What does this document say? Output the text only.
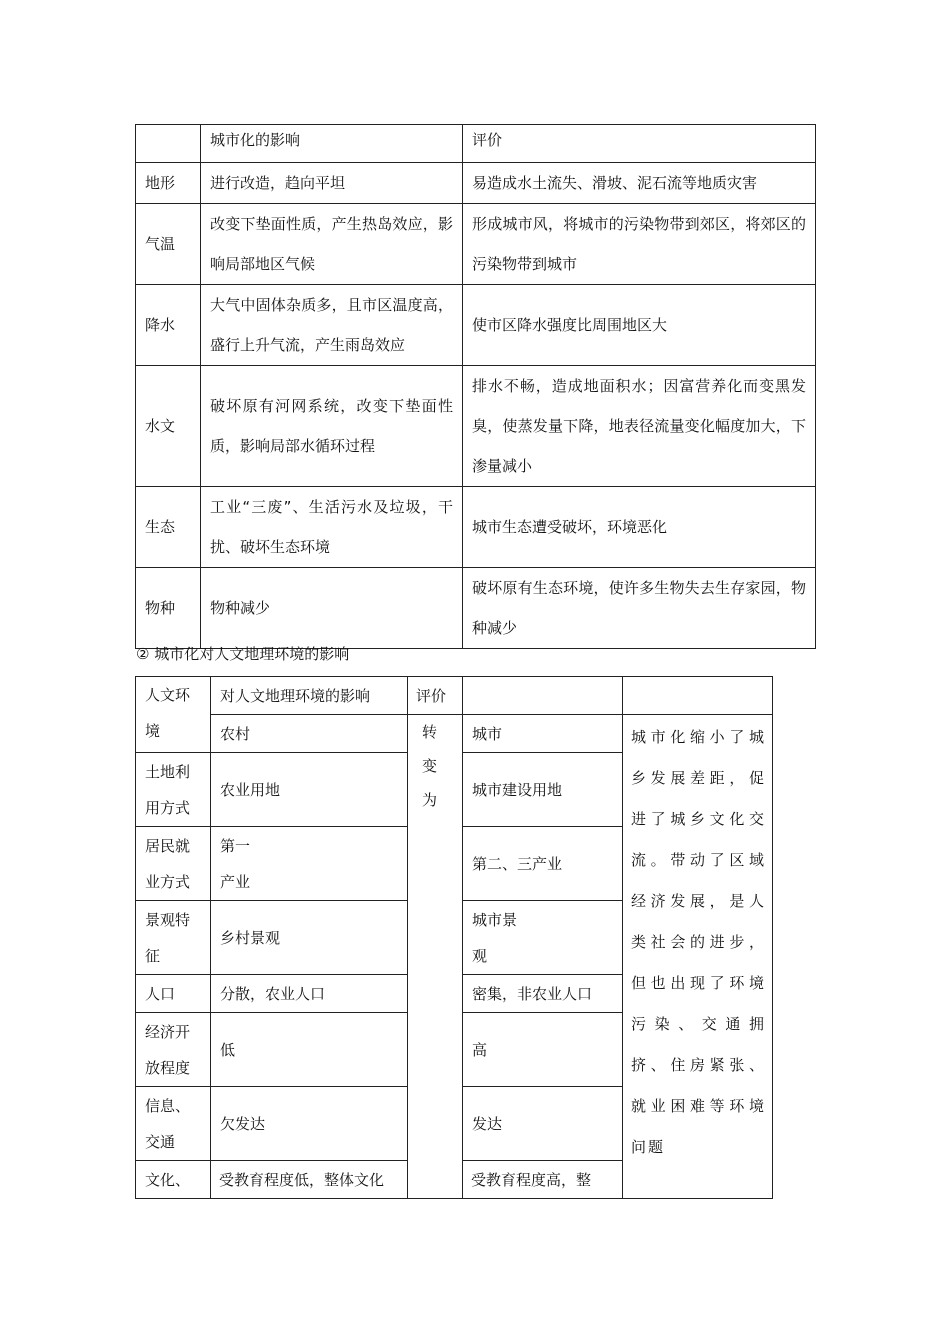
	城市化的影响	评价
地形	进行改造，趋向平坦	易造成水土流失、滑坡、泥石流等地质灾害
气温	改变下垫面性质，产生热岛效应，影响局部地区气候	形成城市风，将城市的污染物带到郊区，将郊区的污染物带到城市
降水	大气中固体杂质多，且市区温度高，盛行上升气流，产生雨岛效应	使市区降水强度比周围地区大
水文	破坏原有河网系统，改变下垫面性质，影响局部水循环过程	排水不畅，造成地面积水；因富营养化而变黑发臭，使蒸发量下降，地表径流量变化幅度加大，下渗量减小
生态	工业“三废”、生活污水及垃圾，干扰、破坏生态环境	城市生态遭受破坏，环境恶化
物种	物种减少	破坏原有生态环境，使许多生物失去生存家园，物种减少
② 城市化对人文地理环境的影响
人文环境	对人文地理环境的影响	评价		
	农村	转变为	城市	城市化缩小了城乡发展差距，促进了城乡文化交流。带动了区域经济发展，是人类社会的进步，但也出现了环境污染、交通拥挤、住房紧张、就业困难等环境问题
土地利用方式	农业用地		城市建设用地	
居民就业方式	第一产业		第二、三产业	
景观特征	乡村景观		城市景观	
人口	分散，农业人口		密集，非农业人口	
经济开放程度	低		高	
信息、交通	欠发达		发达	
文化、	受教育程度低，整体文化		受教育程度高，整	
